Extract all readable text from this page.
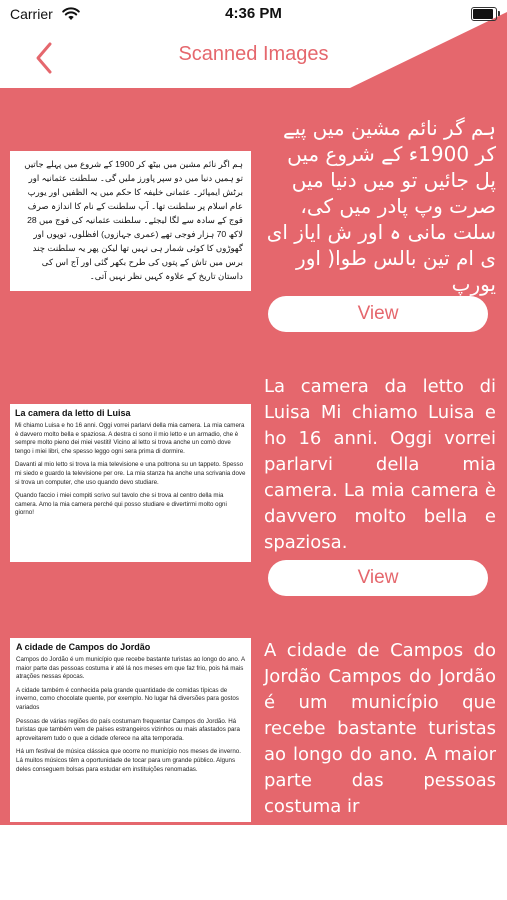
Carrier	4:36 PM
Scanned Images

ہم اگر نائم مشین میں بیٹھ کر 1900 کے شروع میں پہلے جاتیں تو ہمیں دنیا میں دو سپر پاورز ملیں گی۔ سلطنت عثمانیہ اور برٹش ایمپائر۔ عثمانی خلیفہ کا حکم میں یہ الظفیں اور یورپ عام اسلام پر سلطنت تھا۔ آپ سلطنت کے نام کا اندازہ صرف فوج کے سادہ سے لگا لیجئے۔ سلطنت عثمانیہ کی فوج میں 28 لاکھ 70 ہزار فوجی تھے (عمری جہازوں) افظلوں، توپوں اور گھوڑوں کا کوئی شمار ہی نہیں تھا لیکن پھر یہ سلطنت چند برس میں تاش کے پتوں کی طرح بکھر گئی اور آج اس کی داستان تاریخ کے علاوہ کہیں نظر نہیں آتی۔

ہم گر نائم مشین میں پیے کر 1900ء کے شروع میں پل جائیں تو میں دنیا میں صرت وپ پادر میں کی، سلت مانی ہ اور ش ایاز ای ی ام تین بالس طوا( اور یورپ
View
La camera da letto di Luisa

Mi chiamo Luisa e ho 16 anni. Oggi vorrei parlarvi della mia camera. La mia camera è davvero molto bella e spaziosa. A destra ci sono il mio letto e un armadio, che è sempre molto pieno dei miei vestiti! Vicino al letto si trova anche un comò dove tengo i miei libri, che spesso leggo ogni sera prima di dormire.

Davanti al mio letto si trova la mia televisione e una poltrona su un tappeto. Spesso mi siedo e guardo la televisione per ore. La mia stanza ha anche una scrivania dove si trova un computer, che uso quando devo studiare.

Quando faccio i miei compiti scrivo sul tavolo che si trova al centro della mia camera. Amo la mia camera perché qui posso studiare e divertirmi molto ogni giorno!

La camera da letto di Luisa Mi chiamo Luisa e ho 16 anni. Oggi vorrei parlarvi della mia camera. La mia camera è davvero molto bella e spaziosa.
View
A cidade de Campos do Jordão

Campos do Jordão é um município que recebe bastante turistas ao longo do ano. A maior parte das pessoas costuma ir até lá nos meses em que faz frio, pois há mais atrações nessas épocas.

A cidade também é conhecida pela grande quantidade de comidas típicas de inverno, como chocolate quente, por exemplo. No lugar há diversões para gostos variados

Pessoas de várias regiões do país costumam frequentar Campos do Jordão. Há turistas que também vem de países estrangeiros vizinhos ou mais afastados para aproveitarem tudo o que a cidade oferece na alta temporada.

Há um festival de música clássica que ocorre no município nos meses de inverno. Lá muitos músicos têm a oportunidade de tocar para um grande público. Alguns deles conseguem bolsas para estudar em instituições renomadas.

A cidade de Campos do Jordão Campos do Jordão é um município que recebe bastante turistas ao longo do ano. A maior parte das pessoas costuma ir
